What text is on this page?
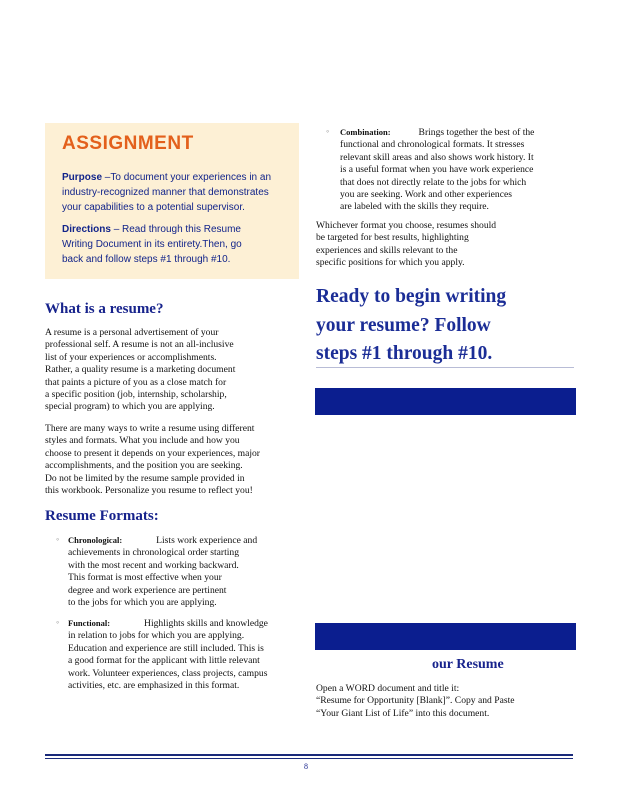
ASSIGNMENT
Purpose –To document your experiences in an
industry-recognized manner that demonstrates
your capabilities to a potential supervisor.
Directions – Read through this Resume
Writing Document in its entirety.Then, go
back and follow steps #1 through #10.
What is a resume?
A resume is a personal advertisement of your
professional self. A resume is not an all-inclusive
list of your experiences or accomplishments.
Rather, a quality resume is a marketing document
that paints a picture of you as a close match for
a specific position (job, internship, scholarship,
special program) to which you are applying.
There are many ways to write a resume using different
styles and formats. What you include and how you
choose to present it depends on your experiences, major
accomplishments, and the position you are seeking.
Do not be limited by the resume sample provided in
this workbook. Personalize you resume to reflect you!
Resume Formats:
◦ Chronological:	Lists work experience and
achievements in chronological order starting
with the most recent and working backward.
This format is most effective when your
degree and work experience are pertinent
to the jobs for which you are applying.
◦ Functional:	Highlights skills and knowledge
in relation to jobs for which you are applying.
Education and experience are still included. This is
a good format for the applicant with little relevant
work. Volunteer experiences, class projects, campus
activities, etc. are emphasized in this format.
◦ Combination:	Brings together the best of the
functional and chronological formats. It stresses
relevant skill areas and also shows work history. It
is a useful format when you have work experience
that does not directly relate to the jobs for which
you are seeking. Work and other experiences
are labeled with the skills they require.
Whichever format you choose, resumes should
be targeted for best results, highlighting
experiences and skills relevant to the
specific positions for which you apply.
Ready to begin writing
your resume? Follow
steps #1 through #10.
our Resume
Open a WORD document and title it:
“Resume for Opportunity [Blank]”. Copy and Paste
“Your Giant List of Life” into this document.
8
